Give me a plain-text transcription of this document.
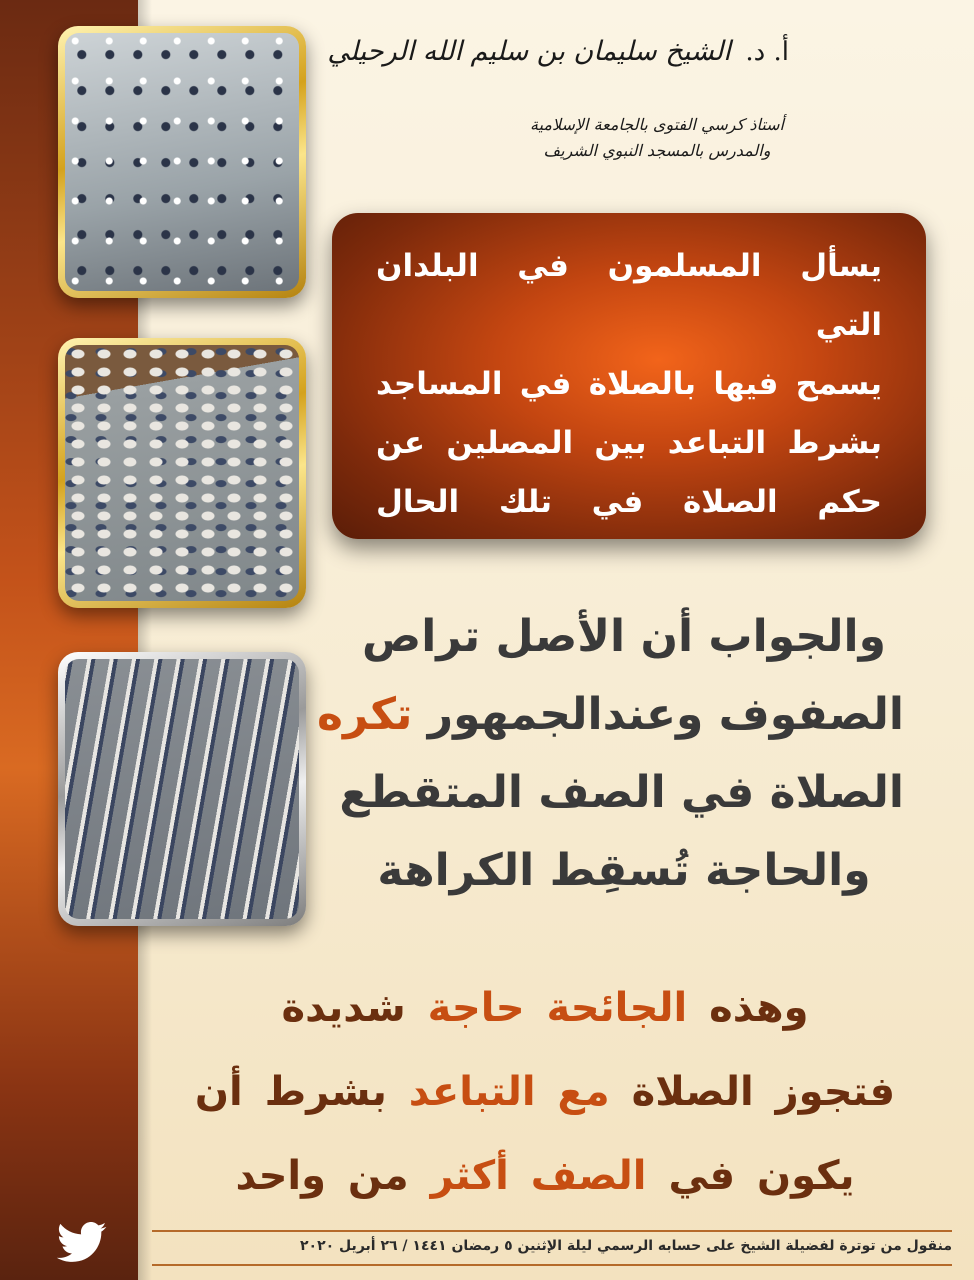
أ. د. الشيخ سليمان بن سليم الله الرحيلي
أستاذ كرسي الفتوى بالجامعة الإسلامية
والمدرس بالمسجد النبوي الشريف
يسأل المسلمون في البلدان التي
يسمح فيها بالصلاة في المساجد
بشرط التباعد بين المصلين عن
حكم الصلاة في تلك الحال
والجواب أن الأصل تراص
الصفوف وعندالجمهور تكره
الصلاة في الصف المتقطع
والحاجة تُسقِط الكراهة
وهذه الجائحة حاجة شديدة
فتجوز الصلاة مع التباعد بشرط أن
يكون في الصف أكثر من واحد
منقول من توترة لفضيلة الشيخ على حسابه الرسمي ليلة الإثنين ٥ رمضان ١٤٤١ / ٢٦ أبريل ٢٠٢٠
